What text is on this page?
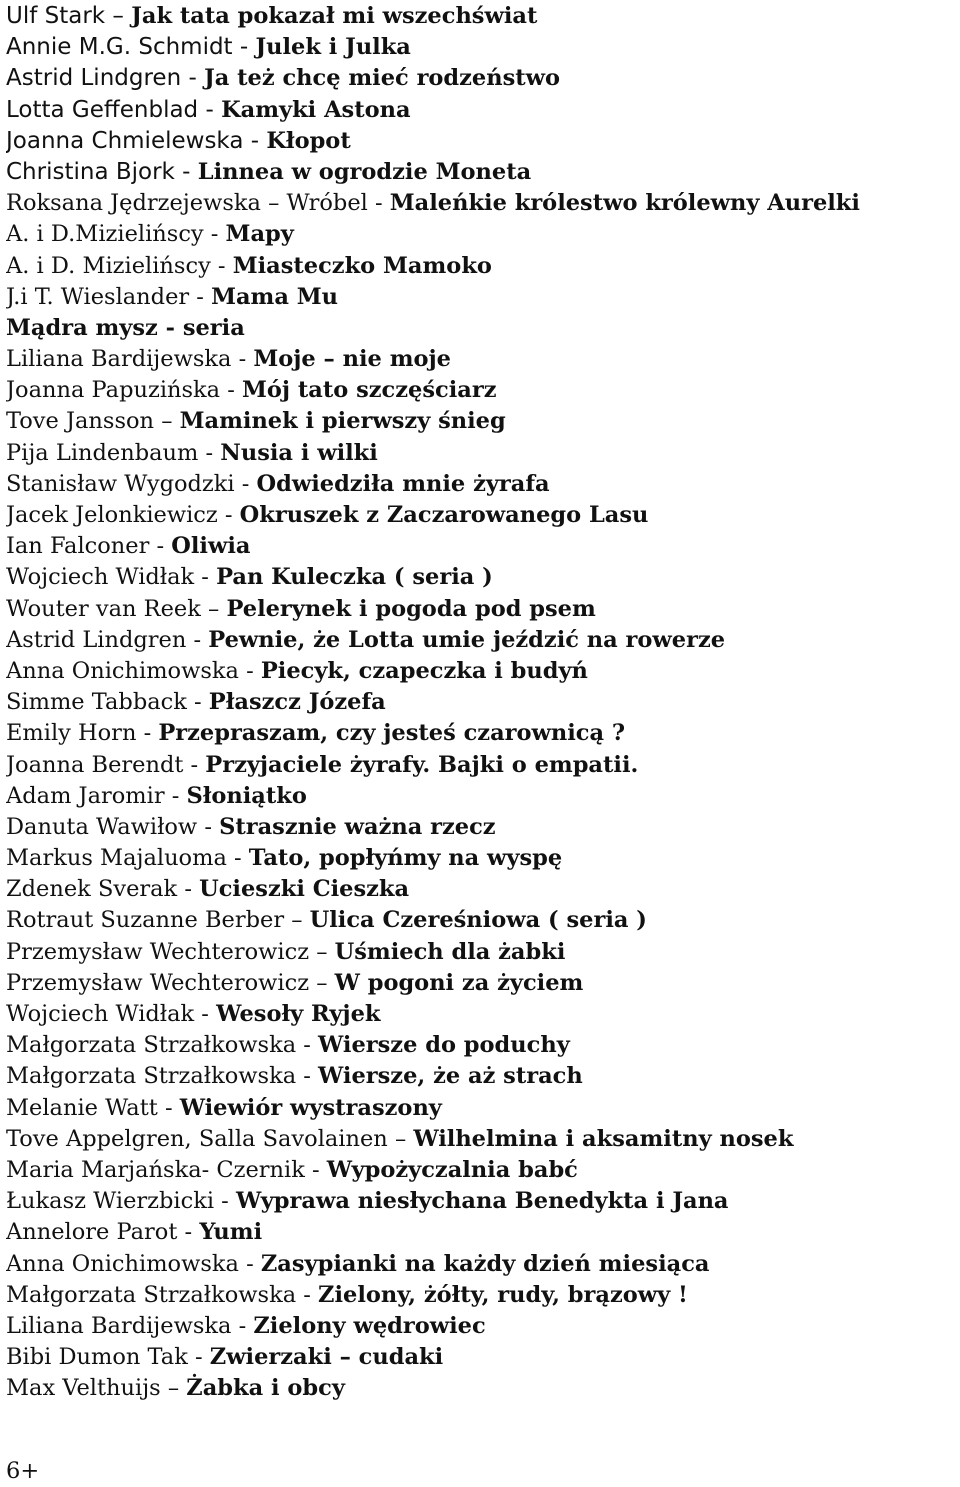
Ulf Stark – Jak tata pokazał mi wszechświat
Annie M.G. Schmidt - Julek i Julka
Astrid Lindgren - Ja też chcę mieć rodzeństwo
Lotta Geffenblad - Kamyki Astona
Joanna Chmielewska - Kłopot
Christina Bjork - Linnea w ogrodzie Moneta
Roksana Jędrzejewska – Wróbel - Maleńkie królestwo królewny Aurelki
A. i D.Mizielińscy - Mapy
A. i D. Mizielińscy - Miasteczko Mamoko
J.i T. Wieslander - Mama Mu
Mądra mysz - seria
Liliana Bardijewska - Moje – nie moje
Joanna Papuzińska - Mój tato szczęściarz
Tove Jansson – Maminek i pierwszy śnieg
Pija Lindenbaum - Nusia i wilki
Stanisław Wygodzki - Odwiedziła mnie żyrafa
Jacek Jelonkiewicz - Okruszek z Zaczarowanego Lasu
Ian Falconer - Oliwia
Wojciech Widłak - Pan Kuleczka ( seria )
Wouter van Reek – Pelerynek i pogoda pod psem
Astrid Lindgren - Pewnie, że Lotta umie jeździć na rowerze
Anna Onichimowska - Piecyk, czapeczka i budyń
Simme Tabback - Płaszcz Józefa
Emily Horn - Przepraszam, czy jesteś czarownicą ?
Joanna Berendt - Przyjaciele żyrafy. Bajki o empatii.
Adam Jaromir - Słoniątko
Danuta Wawiłow - Strasznie ważna rzecz
Markus Majaluoma - Tato, popłyńmy na wyspę
Zdenek Sverak - Ucieszki Cieszka
Rotraut Suzanne Berber – Ulica Czereśniowa ( seria )
Przemysław Wechterowicz – Uśmiech dla żabki
Przemysław Wechterowicz – W pogoni za życiem
Wojciech Widłak - Wesoły Ryjek
Małgorzata Strzałkowska - Wiersze do poduchy
Małgorzata Strzałkowska - Wiersze, że aż strach
Melanie Watt - Wiewiór wystraszony
Tove Appelgren, Salla Savolainen – Wilhelmina i aksamitny nosek
Maria Marjańska- Czernik - Wypożyczalnia babć
Łukasz Wierzbicki - Wyprawa niesłychana Benedykta i Jana
Annelore Parot - Yumi
Anna Onichimowska - Zasypianki na każdy dzień miesiąca
Małgorzata Strzałkowska - Zielony, żółty, rudy, brązowy !
Liliana Bardijewska - Zielony wędrowiec
Bibi Dumon Tak - Zwierzaki – cudaki
Max Velthuijs – Żabka i obcy
6+
